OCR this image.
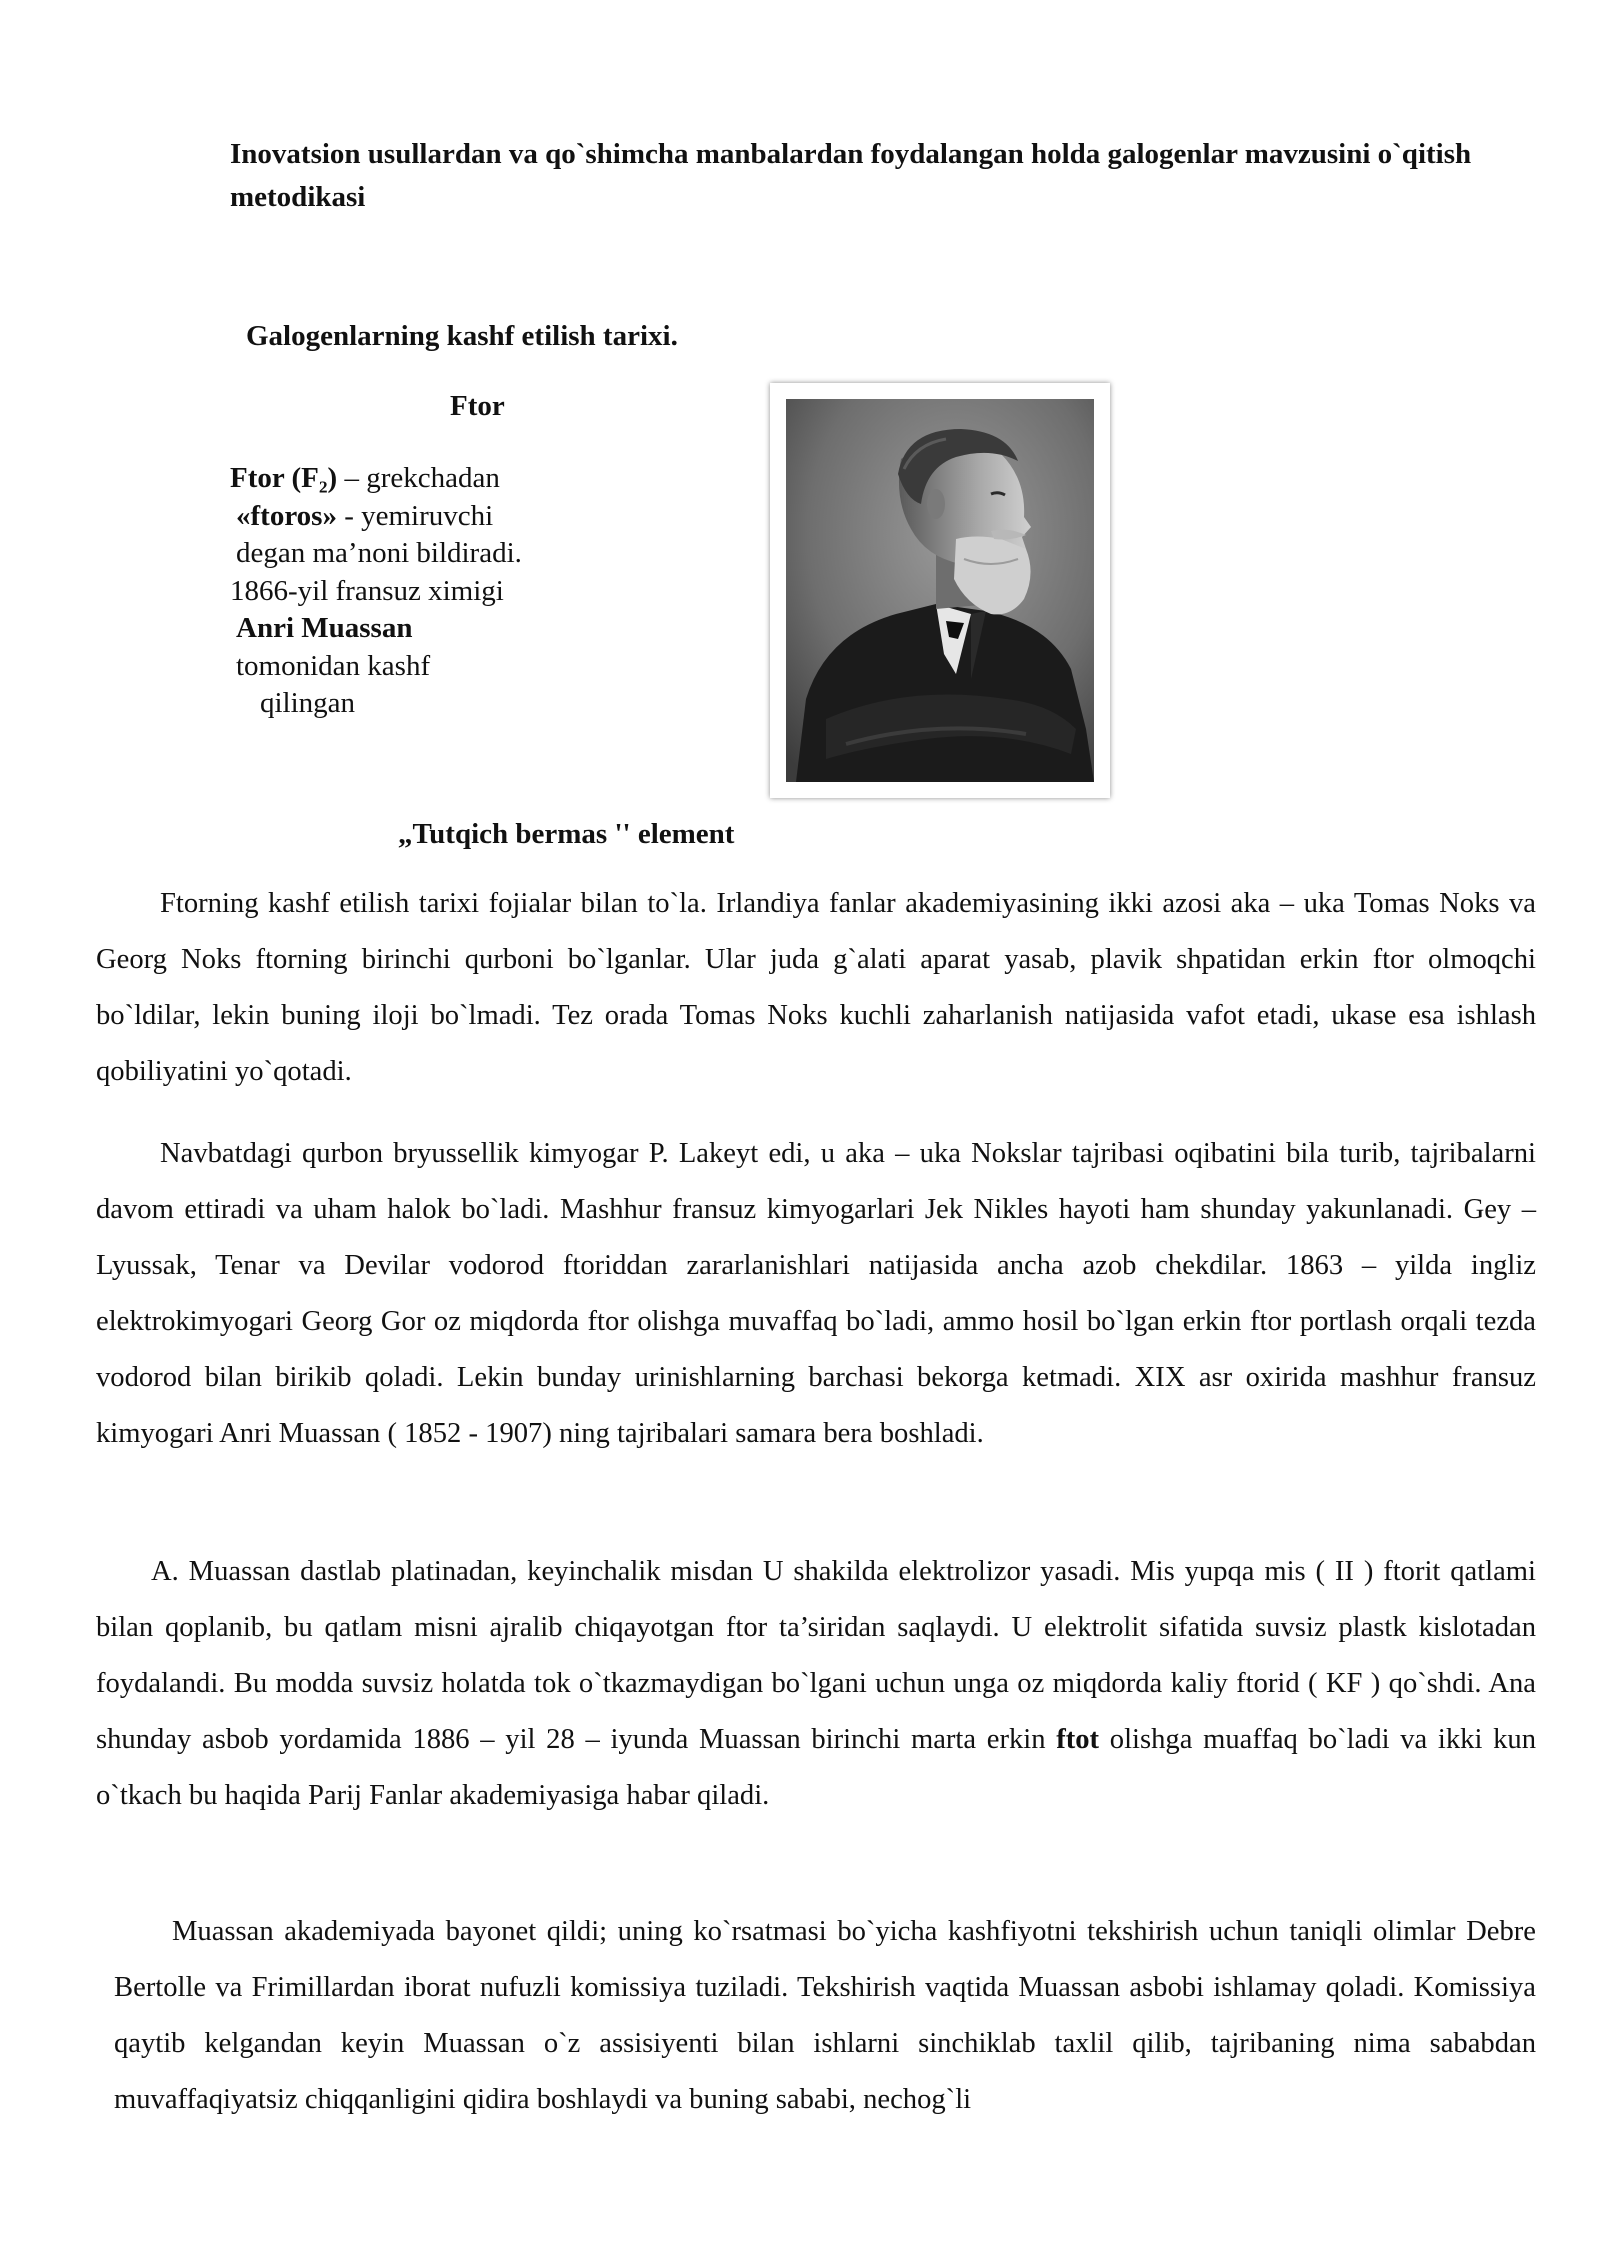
Inovatsion usullardan va qo`shimcha manbalardan foydalangan holda galogenlar mavzusini o`qitish metodikasi
Galogenlarning kashf etilish tarixi.
Ftor
Ftor (F₂) – grekchadan
«ftoros» - yemiruvchi
degan ma’noni bildiradi.
1866-yil fransuz ximigi
Anri Muassan
tomonidan kashf
qilingan
„Tutqich bermas '' element
Ftorning kashf etilish tarixi fojialar bilan to`la. Irlandiya fanlar akademiyasining ikki azosi aka – uka Tomas Noks va Georg Noks ftorning birinchi qurboni bo`lganlar. Ular juda g`alati aparat yasab, plavik shpatidan erkin ftor olmoqchi bo`ldilar, lekin buning iloji bo`lmadi. Tez orada Tomas Noks kuchli zaharlanish natijasida vafot etadi, ukase esa ishlash qobiliyatini yo`qotadi.
Navbatdagi qurbon bryussellik kimyogar P. Lakeyt edi, u aka – uka Nokslar tajribasi oqibatini bila turib, tajribalarni davom ettiradi va uham halok bo`ladi. Mashhur fransuz kimyogarlari Jek Nikles hayoti ham shunday yakunlanadi. Gey – Lyussak, Tenar va Devilar vodorod ftoriddan zararlanishlari natijasida ancha azob chekdilar. 1863 – yilda ingliz elektrokimyogari Georg Gor oz miqdorda ftor olishga muvaffaq bo`ladi, ammo hosil bo`lgan erkin ftor portlash orqali tezda vodorod bilan birikib qoladi. Lekin bunday urinishlarning barchasi bekorga ketmadi. XIX asr oxirida mashhur fransuz kimyogari Anri Muassan ( 1852 - 1907) ning tajribalari samara bera boshladi.
A. Muassan dastlab platinadan, keyinchalik misdan U shakilda elektrolizor yasadi. Mis yupqa mis ( II ) ftorit qatlami bilan qoplanib, bu qatlam misni ajralib chiqayotgan ftor ta’siridan saqlaydi. U elektrolit sifatida suvsiz plastk kislotadan foydalandi. Bu modda suvsiz holatda tok o`tkazmaydigan bo`lgani uchun unga oz miqdorda kaliy ftorid ( KF ) qo`shdi. Ana shunday asbob yordamida 1886 – yil 28 – iyunda Muassan birinchi marta erkin ftot olishga muaffaq bo`ladi va ikki kun o`tkach bu haqida Parij Fanlar akademiyasiga habar qiladi.
Muassan akademiyada bayonet qildi; uning ko`rsatmasi bo`yicha kashfiyotni tekshirish uchun taniqli olimlar Debre Bertolle va Frimillardan iborat nufuzli komissiya tuziladi. Tekshirish vaqtida Muassan asbobi ishlamay qoladi. Komissiya qaytib kelgandan keyin Muassan o`z assisiyenti bilan ishlarni sinchiklab taxlil qilib, tajribaning nima sababdan muvaffaqiyatsiz chiqqanligini qidira boshlaydi va buning sababi, nechog`li
